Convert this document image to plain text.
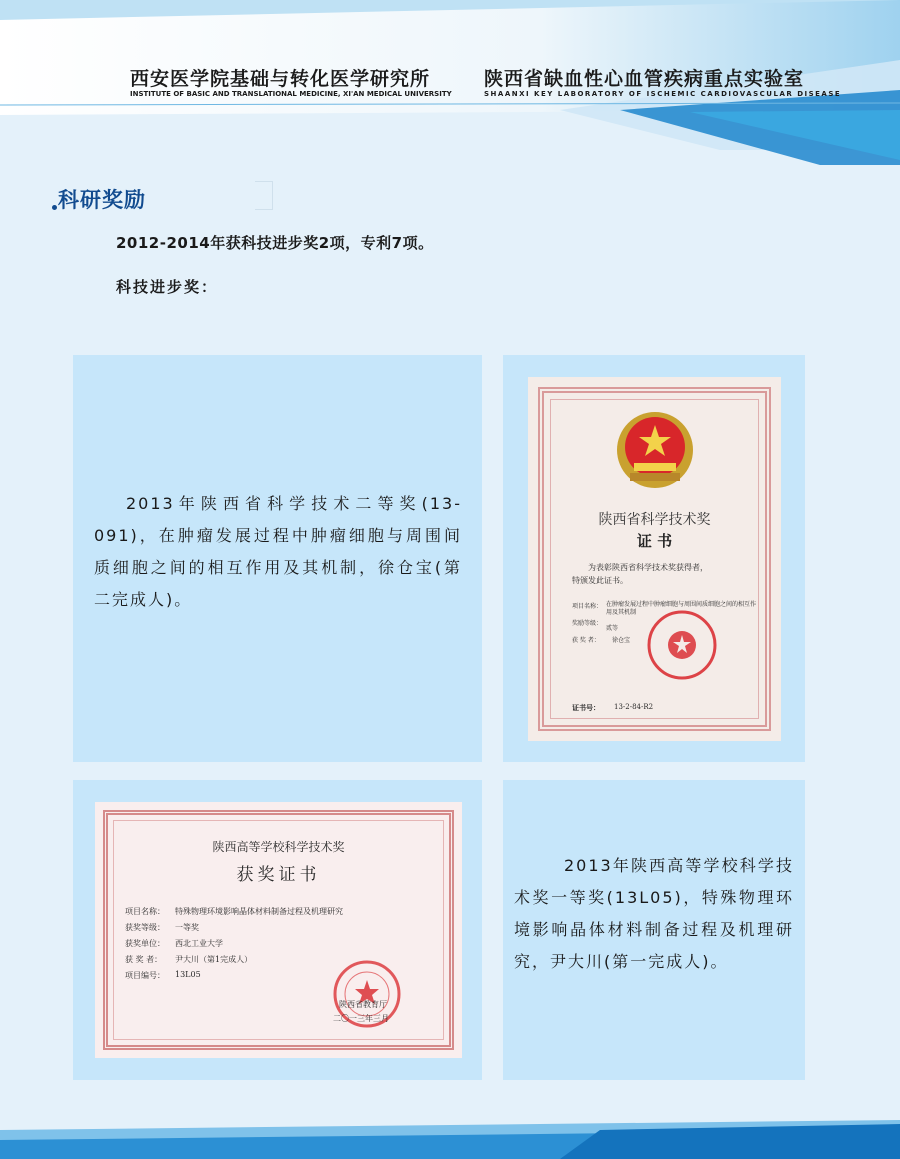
西安医学院基础与转化医学研究所
INSTITUTE OF BASIC AND TRANSLATIONAL MEDICINE, XI'AN MEDICAL UNIVERSITY
陕西省缺血性心血管疾病重点实验室
SHAANXI KEY LABORATORY OF ISCHEMIC CARDIOVASCULAR DISEASE
科研奖励
2012-2014年获科技进步奖2项，专利7项。
科技进步奖：
2013年陕西省科学技术二等奖(13-091)，在肿瘤发展过程中肿瘤细胞与周围间质细胞之间的相互作用及其机制，徐仓宝(第二完成人)。
陕西省科学技术奖
证 书
为表彰陕西省科学技术奖获得者，
特颁发此证书。
项目名称： 在肿瘤发展过程中肿瘤细胞与周围间质细胞之间的相互作用及其机制
奖励等级：
贰等
获 奖 者： 徐仓宝
证书号： 13-2-84-R2
陕西高等学校科学技术奖
获奖证书
项目名称： 特殊物理环境影响晶体材料制备过程及机理研究
获奖等级： 一等奖
获奖单位： 西北工业大学
获 奖 者： 尹大川（第1完成人）
项目编号： 13L05
陕西省教育厅
二〇一三年三月
2013年陕西高等学校科学技术奖一等奖(13L05)，特殊物理环境影响晶体材料制备过程及机理研究，尹大川(第一完成人)。
